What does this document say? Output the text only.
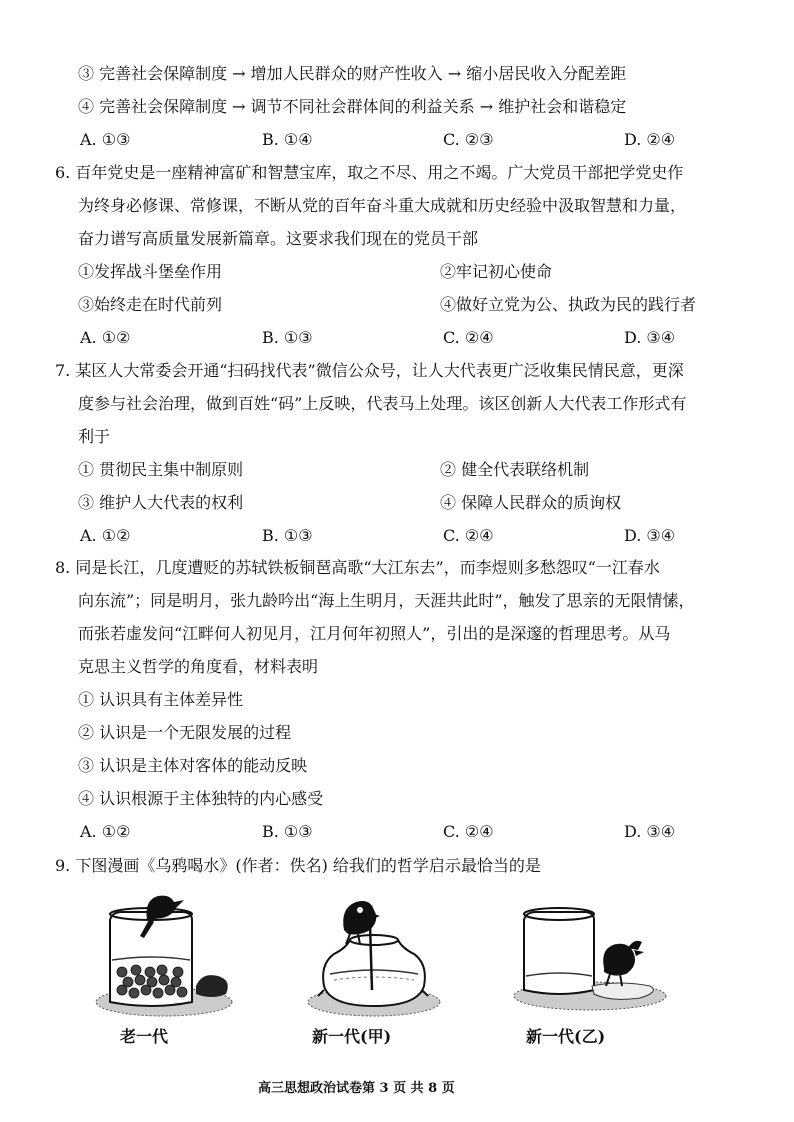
③ 完善社会保障制度 → 增加人民群众的财产性收入 → 缩小居民收入分配差距
④ 完善社会保障制度 → 调节不同社会群体间的利益关系 → 维护社会和谐稳定
A. ①③	B. ①④	C. ②③	D. ②④
6. 百年党史是一座精神富矿和智慧宝库，取之不尽、用之不竭。广大党员干部把学党史作
为终身必修课、常修课，不断从党的百年奋斗重大成就和历史经验中汲取智慧和力量，
奋力谱写高质量发展新篇章。这要求我们现在的党员干部
①发挥战斗堡垒作用	②牢记初心使命
③始终走在时代前列	④做好立党为公、执政为民的践行者
A. ①②	B. ①③	C. ②④	D. ③④
7. 某区人大常委会开通“扫码找代表”微信公众号，让人大代表更广泛收集民情民意，更深
度参与社会治理，做到百姓“码”上反映，代表马上处理。该区创新人大代表工作形式有
利于
① 贯彻民主集中制原则	② 健全代表联络机制
③ 维护人大代表的权利	④ 保障人民群众的质询权
A. ①②	B. ①③	C. ②④	D. ③④
8. 同是长江，几度遭贬的苏轼铁板铜琶高歌“大江东去”，而李煜则多愁怨叹“一江春水
向东流”；同是明月，张九龄吟出“海上生明月，天涯共此时”，触发了思亲的无限情愫，
而张若虚发问“江畔何人初见月，江月何年初照人”，引出的是深邃的哲理思考。从马
克思主义哲学的角度看，材料表明
① 认识具有主体差异性
② 认识是一个无限发展的过程
③ 认识是主体对客体的能动反映
④ 认识根源于主体独特的内心感受
A. ①②	B. ①③	C. ②④	D. ③④
9. 下图漫画《乌鸦喝水》(作者：佚名) 给我们的哲学启示最恰当的是
老一代	新一代(甲)	新一代(乙)
高三思想政治试卷第 3 页 共 8 页
